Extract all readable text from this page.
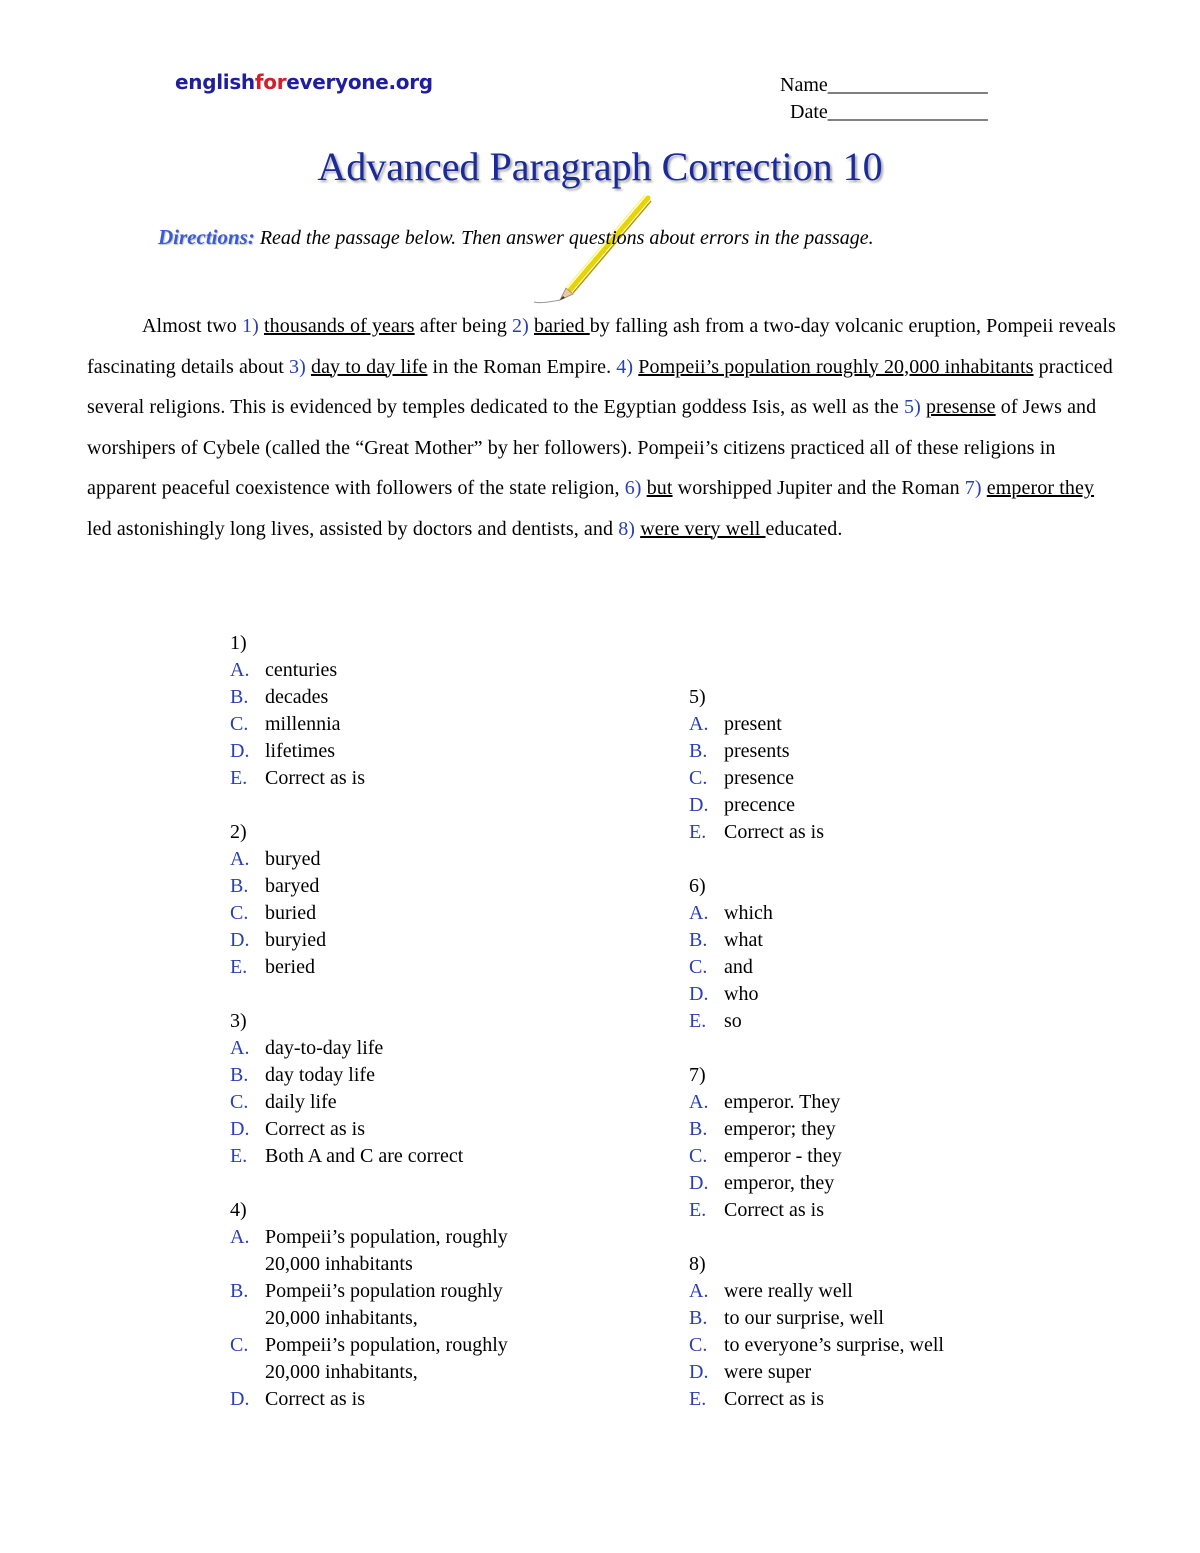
englishforeveryone.org	Name________________
Date________________
Advanced Paragraph Correction 10
Directions: Read the passage below. Then answer questions about errors in the passage.
Almost two 1) thousands of years after being 2) baried by falling ash from a two-day volcanic eruption, Pompeii reveals fascinating details about 3) day to day life in the Roman Empire. 4) Pompeii’s population roughly 20,000 inhabitants practiced several religions. This is evidenced by temples dedicated to the Egyptian goddess Isis, as well as the 5) presense of Jews and worshipers of Cybele (called the “Great Mother” by her followers). Pompeii’s citizens practiced all of these religions in apparent peaceful coexistence with followers of the state religion, 6) but worshipped Jupiter and the Roman 7) emperor they led astonishingly long lives, assisted by doctors and dentists, and 8) were very well educated.
1)
A. centuries
B. decades
C. millennia
D. lifetimes
E. Correct as is
2)
A. buryed
B. baryed
C. buried
D. buryied
E. beried
3)
A. day-to-day life
B. day today life
C. daily life
D. Correct as is
E. Both A and C are correct
4)
A. Pompeii’s population, roughly
20,000 inhabitants
B. Pompeii’s population roughly
20,000 inhabitants,
C. Pompeii’s population, roughly
20,000 inhabitants,
D. Correct as is
5)
A. present
B. presents
C. presence
D. precence
E. Correct as is
6)
A. which
B. what
C. and
D. who
E. so
7)
A. emperor. They
B. emperor; they
C. emperor - they
D. emperor, they
E. Correct as is
8)
A. were really well
B. to our surprise, well
C. to everyone’s surprise, well
D. were super
E. Correct as is
